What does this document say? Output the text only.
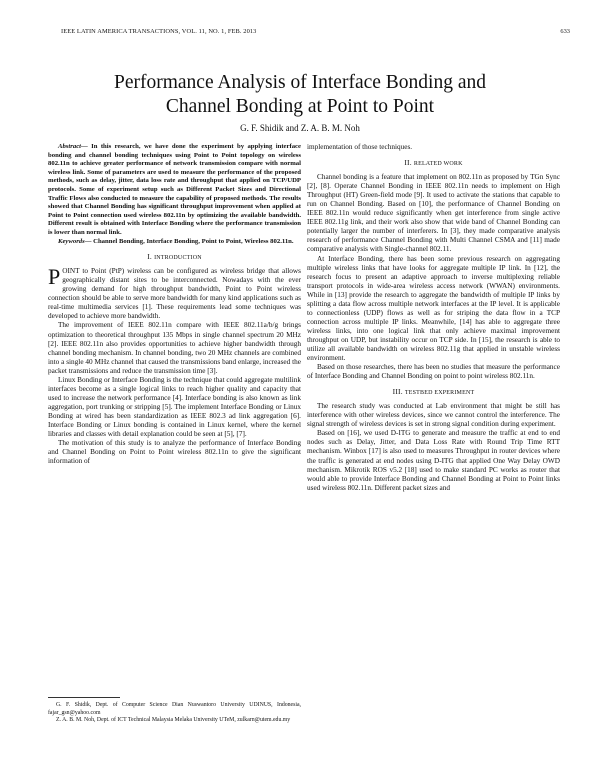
IEEE LATIN AMERICA TRANSACTIONS, VOL. 11, NO. 1, FEB. 2013	633
Performance Analysis of Interface Bonding and
Channel Bonding at Point to Point
G. F. Shidik and Z. A. B. M. Noh

Abstract— In this research, we have done the experiment by applying interface bonding and channel bonding techniques using Point to Point topology on wireless 802.11n to achieve greater performance of network transmission compare with normal wireless link. Some of parameters are used to measure the performance of the proposed methods, such as delay, jitter, data loss rate and throughput that applied on TCP/UDP protocols. Some of experiment setup such as Different Packet Sizes and Directional Traffic Flows also conducted to measure the capability of proposed methods. The results showed that Channel Bonding has significant throughput improvement when applied at Point to Point connection used wireless 802.11n by optimizing the available bandwidth. Different result is obtained with Interface Bonding where the performance transmission is lower than normal link.

Keywords— Channel Bonding, Interface Bonding, Point to Point, Wireless 802.11n.

I. INTRODUCTION

POINT to Point (PtP) wireless can be configured as wireless bridge that allows geographically distant sites to be interconnected. Nowadays with the ever growing demand for high throughput bandwidth, Point to Point wireless connection should be able to serve more bandwidth for many kind applications such as real-time multimedia services [1]. These requirements lead some techniques was developed to achieve more bandwidth.

The improvement of IEEE 802.11n compare with IEEE 802.11a/b/g brings optimization to theoretical throughput 135 Mbps in single channel spectrum 20 MHz [2]. IEEE 802.11n also provides opportunities to achieve higher bandwidth through channel bonding mechanism. In channel bonding, two 20 MHz channels are combined into a single 40 MHz channel that caused the transmissions band enlarge, increased the packet transmissions and reduce the transmission time [3].

Linux Bonding or Interface Bonding is the technique that could aggregate multilink interfaces become as a single logical links to reach higher quality and capacity that used to increase the network performance [4]. Interface bonding is also known as link aggregation, port trunking or stripping [5]. The implement Interface Bonding or Linux Bonding at wired has been standardization as IEEE 802.3 ad link aggregation [6]. Interface Bonding or Linux bonding is contained in Linux kernel, where the kernel libraries and classes with detail explanation could be seen at [5], [7].

The motivation of this study is to analyze the performance of Interface Bonding and Channel Bonding on Point to Point wireless 802.11n to give the significant information of

implementation of those techniques.

II. RELATED WORK

Channel bonding is a feature that implement on 802.11n as proposed by TGn Sync [2], [8]. Operate Channel Bonding in IEEE 802.11n needs to implement on High Throughput (HT) Green-field mode [9]. It used to activate the stations that capable to run on Channel Bonding. Based on [10], the performance of Channel Bonding on IEEE 802.11n would reduce significantly when get interference from single active IEEE 802.11g link, and their work also show that wide band of Channel Bonding can potentially larger the number of interferers. In [3], they made comparative analysis research of performance Channel Bonding with Multi Channel CSMA and [11] made comparative analysis with Single-channel 802.11.

At Interface Bonding, there has been some previous research on aggregating multiple wireless links that have looks for aggregate multiple IP link. In [12], the research focus to present an adaptive approach to inverse multiplexing reliable transport protocols in wide-area wireless access network (WWAN) environments. While in [13] provide the research to aggregate the bandwidth of multiple IP links by splitting a data flow across multiple network interfaces at the IP level. It is applicable to connectionless (UDP) flows as well as for striping the data flow in a TCP connection across multiple IP links. Meanwhile, [14] has able to aggregate three wireless links, into one logical link that only achieve maximal improvement throughput on UDP, but instability occur on TCP side. In [15], the research is able to utilize all available bandwidth on wireless 802.11g that applied in unstable wireless environment.

Based on those researches, there has been no studies that measure the performance of Interface Bonding and Channel Bonding on point to point wireless 802.11n.

III. TESTBED EXPERIMENT

The research study was conducted at Lab environment that might be still has interference with other wireless devices, since we cannot control the interference. The signal strength of wireless devices is set in strong signal condition during experiment.

Based on [16], we used D-ITG to generate and measure the traffic at end to end nodes such as Delay, Jitter, and Data Loss Rate with Round Trip Time RTT mechanism. Winbox [17] is also used to measures Throughput in router devices where the traffic is generated at end nodes using D-ITG that applied One Way Delay OWD mechanism. Mikrotik ROS v5.2 [18] used to make standard PC works as router that would able to provide Interface Bonding and Channel Bonding at Point to Point links used wireless 802.11n. Different packet sizes and

G. F. Shidik, Dept. of Computer Science Dian Nuswantoro University UDINUS, Indonesia, fajar_gsn@yahoo.com

Z. A. B. M. Noh, Dept. of ICT Technical Malaysia Melaka University UTeM, zulkarn@utem.edu.my
